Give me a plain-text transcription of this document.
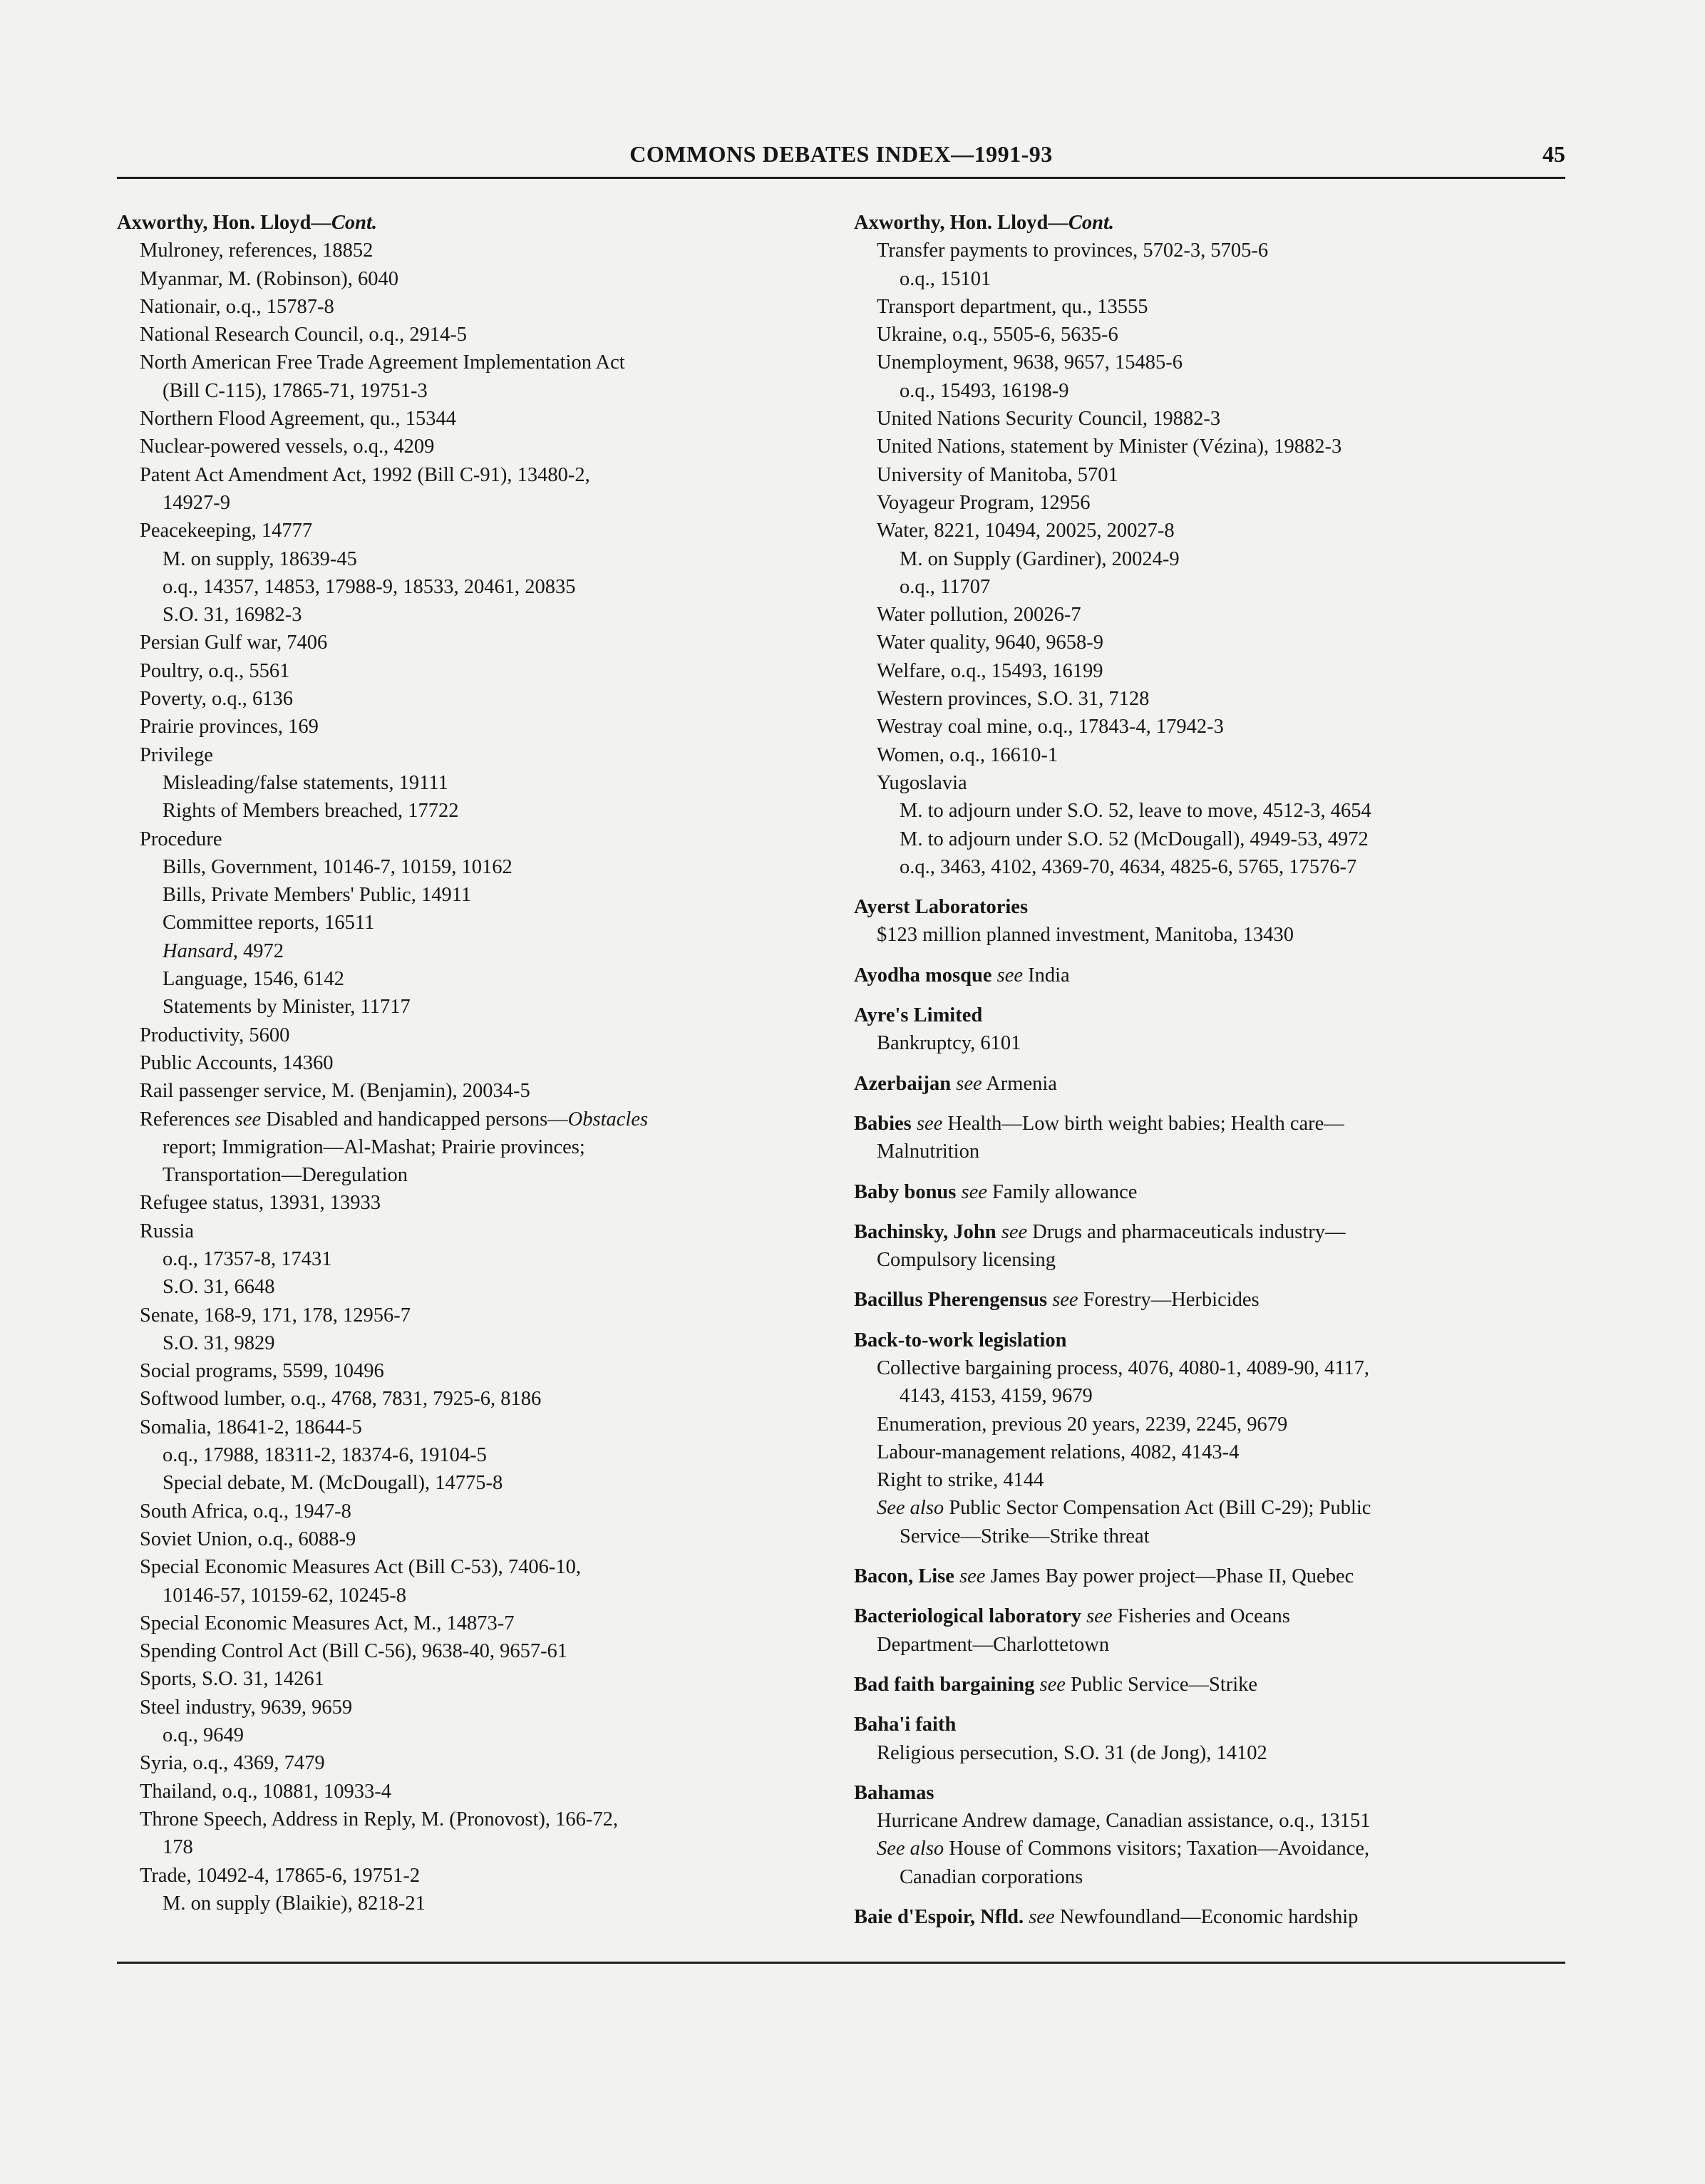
COMMONS DEBATES INDEX—1991-93	45
Axworthy, Hon. Lloyd—Cont.
Mulroney, references, 18852
Myanmar, M. (Robinson), 6040
Nationair, o.q., 15787-8
National Research Council, o.q., 2914-5
North American Free Trade Agreement Implementation Act
(Bill C-115), 17865-71, 19751-3
Northern Flood Agreement, qu., 15344
Nuclear-powered vessels, o.q., 4209
Patent Act Amendment Act, 1992 (Bill C-91), 13480-2,
14927-9
Peacekeeping, 14777
M. on supply, 18639-45
o.q., 14357, 14853, 17988-9, 18533, 20461, 20835
S.O. 31, 16982-3
Persian Gulf war, 7406
Poultry, o.q., 5561
Poverty, o.q., 6136
Prairie provinces, 169
Privilege
Misleading/false statements, 19111
Rights of Members breached, 17722
Procedure
Bills, Government, 10146-7, 10159, 10162
Bills, Private Members' Public, 14911
Committee reports, 16511
Hansard, 4972
Language, 1546, 6142
Statements by Minister, 11717
Productivity, 5600
Public Accounts, 14360
Rail passenger service, M. (Benjamin), 20034-5
References see Disabled and handicapped persons—Obstacles
report; Immigration—Al-Mashat; Prairie provinces;
Transportation—Deregulation
Refugee status, 13931, 13933
Russia
o.q., 17357-8, 17431
S.O. 31, 6648
Senate, 168-9, 171, 178, 12956-7
S.O. 31, 9829
Social programs, 5599, 10496
Softwood lumber, o.q., 4768, 7831, 7925-6, 8186
Somalia, 18641-2, 18644-5
o.q., 17988, 18311-2, 18374-6, 19104-5
Special debate, M. (McDougall), 14775-8
South Africa, o.q., 1947-8
Soviet Union, o.q., 6088-9
Special Economic Measures Act (Bill C-53), 7406-10,
10146-57, 10159-62, 10245-8
Special Economic Measures Act, M., 14873-7
Spending Control Act (Bill C-56), 9638-40, 9657-61
Sports, S.O. 31, 14261
Steel industry, 9639, 9659
o.q., 9649
Syria, o.q., 4369, 7479
Thailand, o.q., 10881, 10933-4
Throne Speech, Address in Reply, M. (Pronovost), 166-72,
178
Trade, 10492-4, 17865-6, 19751-2
M. on supply (Blaikie), 8218-21
Axworthy, Hon. Lloyd—Cont.
Transfer payments to provinces, 5702-3, 5705-6
o.q., 15101
Transport department, qu., 13555
Ukraine, o.q., 5505-6, 5635-6
Unemployment, 9638, 9657, 15485-6
o.q., 15493, 16198-9
United Nations Security Council, 19882-3
United Nations, statement by Minister (Vézina), 19882-3
University of Manitoba, 5701
Voyageur Program, 12956
Water, 8221, 10494, 20025, 20027-8
M. on Supply (Gardiner), 20024-9
o.q., 11707
Water pollution, 20026-7
Water quality, 9640, 9658-9
Welfare, o.q., 15493, 16199
Western provinces, S.O. 31, 7128
Westray coal mine, o.q., 17843-4, 17942-3
Women, o.q., 16610-1
Yugoslavia
M. to adjourn under S.O. 52, leave to move, 4512-3, 4654
M. to adjourn under S.O. 52 (McDougall), 4949-53, 4972
o.q., 3463, 4102, 4369-70, 4634, 4825-6, 5765, 17576-7
Ayerst Laboratories
$123 million planned investment, Manitoba, 13430
Ayodha mosque see India
Ayre's Limited
Bankruptcy, 6101
Azerbaijan see Armenia
Babies see Health—Low birth weight babies; Health care—
Malnutrition
Baby bonus see Family allowance
Bachinsky, John see Drugs and pharmaceuticals industry—
Compulsory licensing
Bacillus Pherengensus see Forestry—Herbicides
Back-to-work legislation
Collective bargaining process, 4076, 4080-1, 4089-90, 4117,
4143, 4153, 4159, 9679
Enumeration, previous 20 years, 2239, 2245, 9679
Labour-management relations, 4082, 4143-4
Right to strike, 4144
See also Public Sector Compensation Act (Bill C-29); Public
Service—Strike—Strike threat
Bacon, Lise see James Bay power project—Phase II, Quebec
Bacteriological laboratory see Fisheries and Oceans
Department—Charlottetown
Bad faith bargaining see Public Service—Strike
Baha'i faith
Religious persecution, S.O. 31 (de Jong), 14102
Bahamas
Hurricane Andrew damage, Canadian assistance, o.q., 13151
See also House of Commons visitors; Taxation—Avoidance,
Canadian corporations
Baie d'Espoir, Nfld. see Newfoundland—Economic hardship
